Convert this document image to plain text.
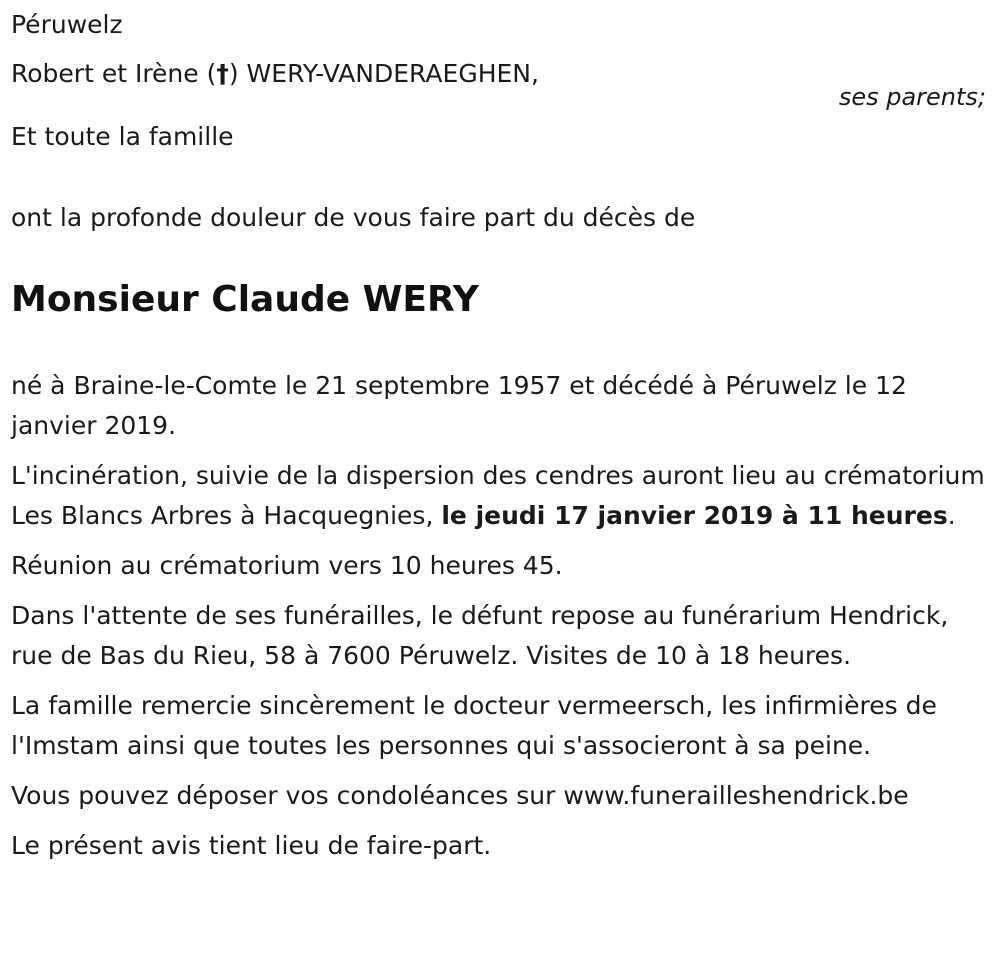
Péruwelz

Robert et Irène (†) WERY-VANDERAEGHEN,

ses parents;

Et toute la famille

ont la profonde douleur de vous faire part du décès de

Monsieur Claude WERY

né à Braine-le-Comte le 21 septembre 1957 et décédé à Péruwelz le 12 janvier 2019.

L'incinération, suivie de la dispersion des cendres auront lieu au crématorium Les Blancs Arbres à Hacquegnies, le jeudi 17 janvier 2019 à 11 heures.

Réunion au crématorium vers 10 heures 45.

Dans l'attente de ses funérailles, le défunt repose au funérarium Hendrick, rue de Bas du Rieu, 58 à 7600 Péruwelz. Visites de 10 à 18 heures.

La famille remercie sincèrement le docteur vermeersch, les infirmières de l'Imstam ainsi que toutes les personnes qui s'associeront à sa peine.

Vous pouvez déposer vos condoléances sur www.funerailleshendrick.be

Le présent avis tient lieu de faire-part.
